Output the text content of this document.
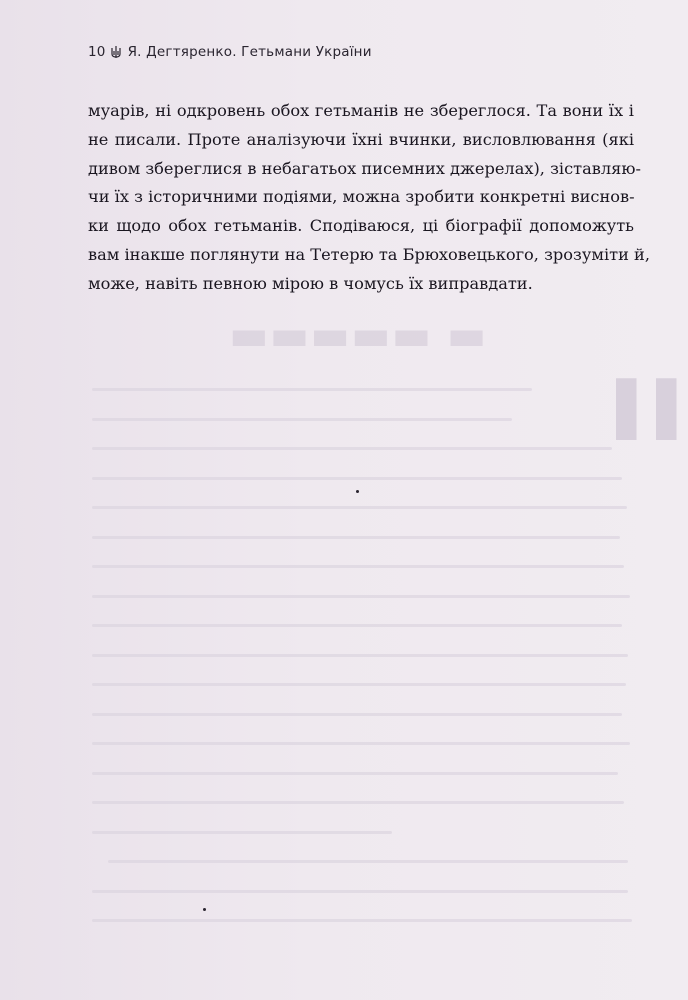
10 Я. Дегтяренко. Гетьмани України
муарів, ні одкровень обох гетьманів не збереглося. Та вони їх і
не писали. Проте аналізуючи їхні вчинки, висловлювання (які
дивом збереглися в небагатьох писемних джерелах), зіставляю-
чи їх з історичними подіями, можна зробити конкретні виснов-
ки щодо обох гетьманів. Сподіваюся, ці біографії допоможуть
вам інакше поглянути на Тетерю та Брюховецького, зрозуміти й,
може, навіть певною мірою в чомусь їх виправдати.
▬ ▬▬▬▬▬
▌▌
